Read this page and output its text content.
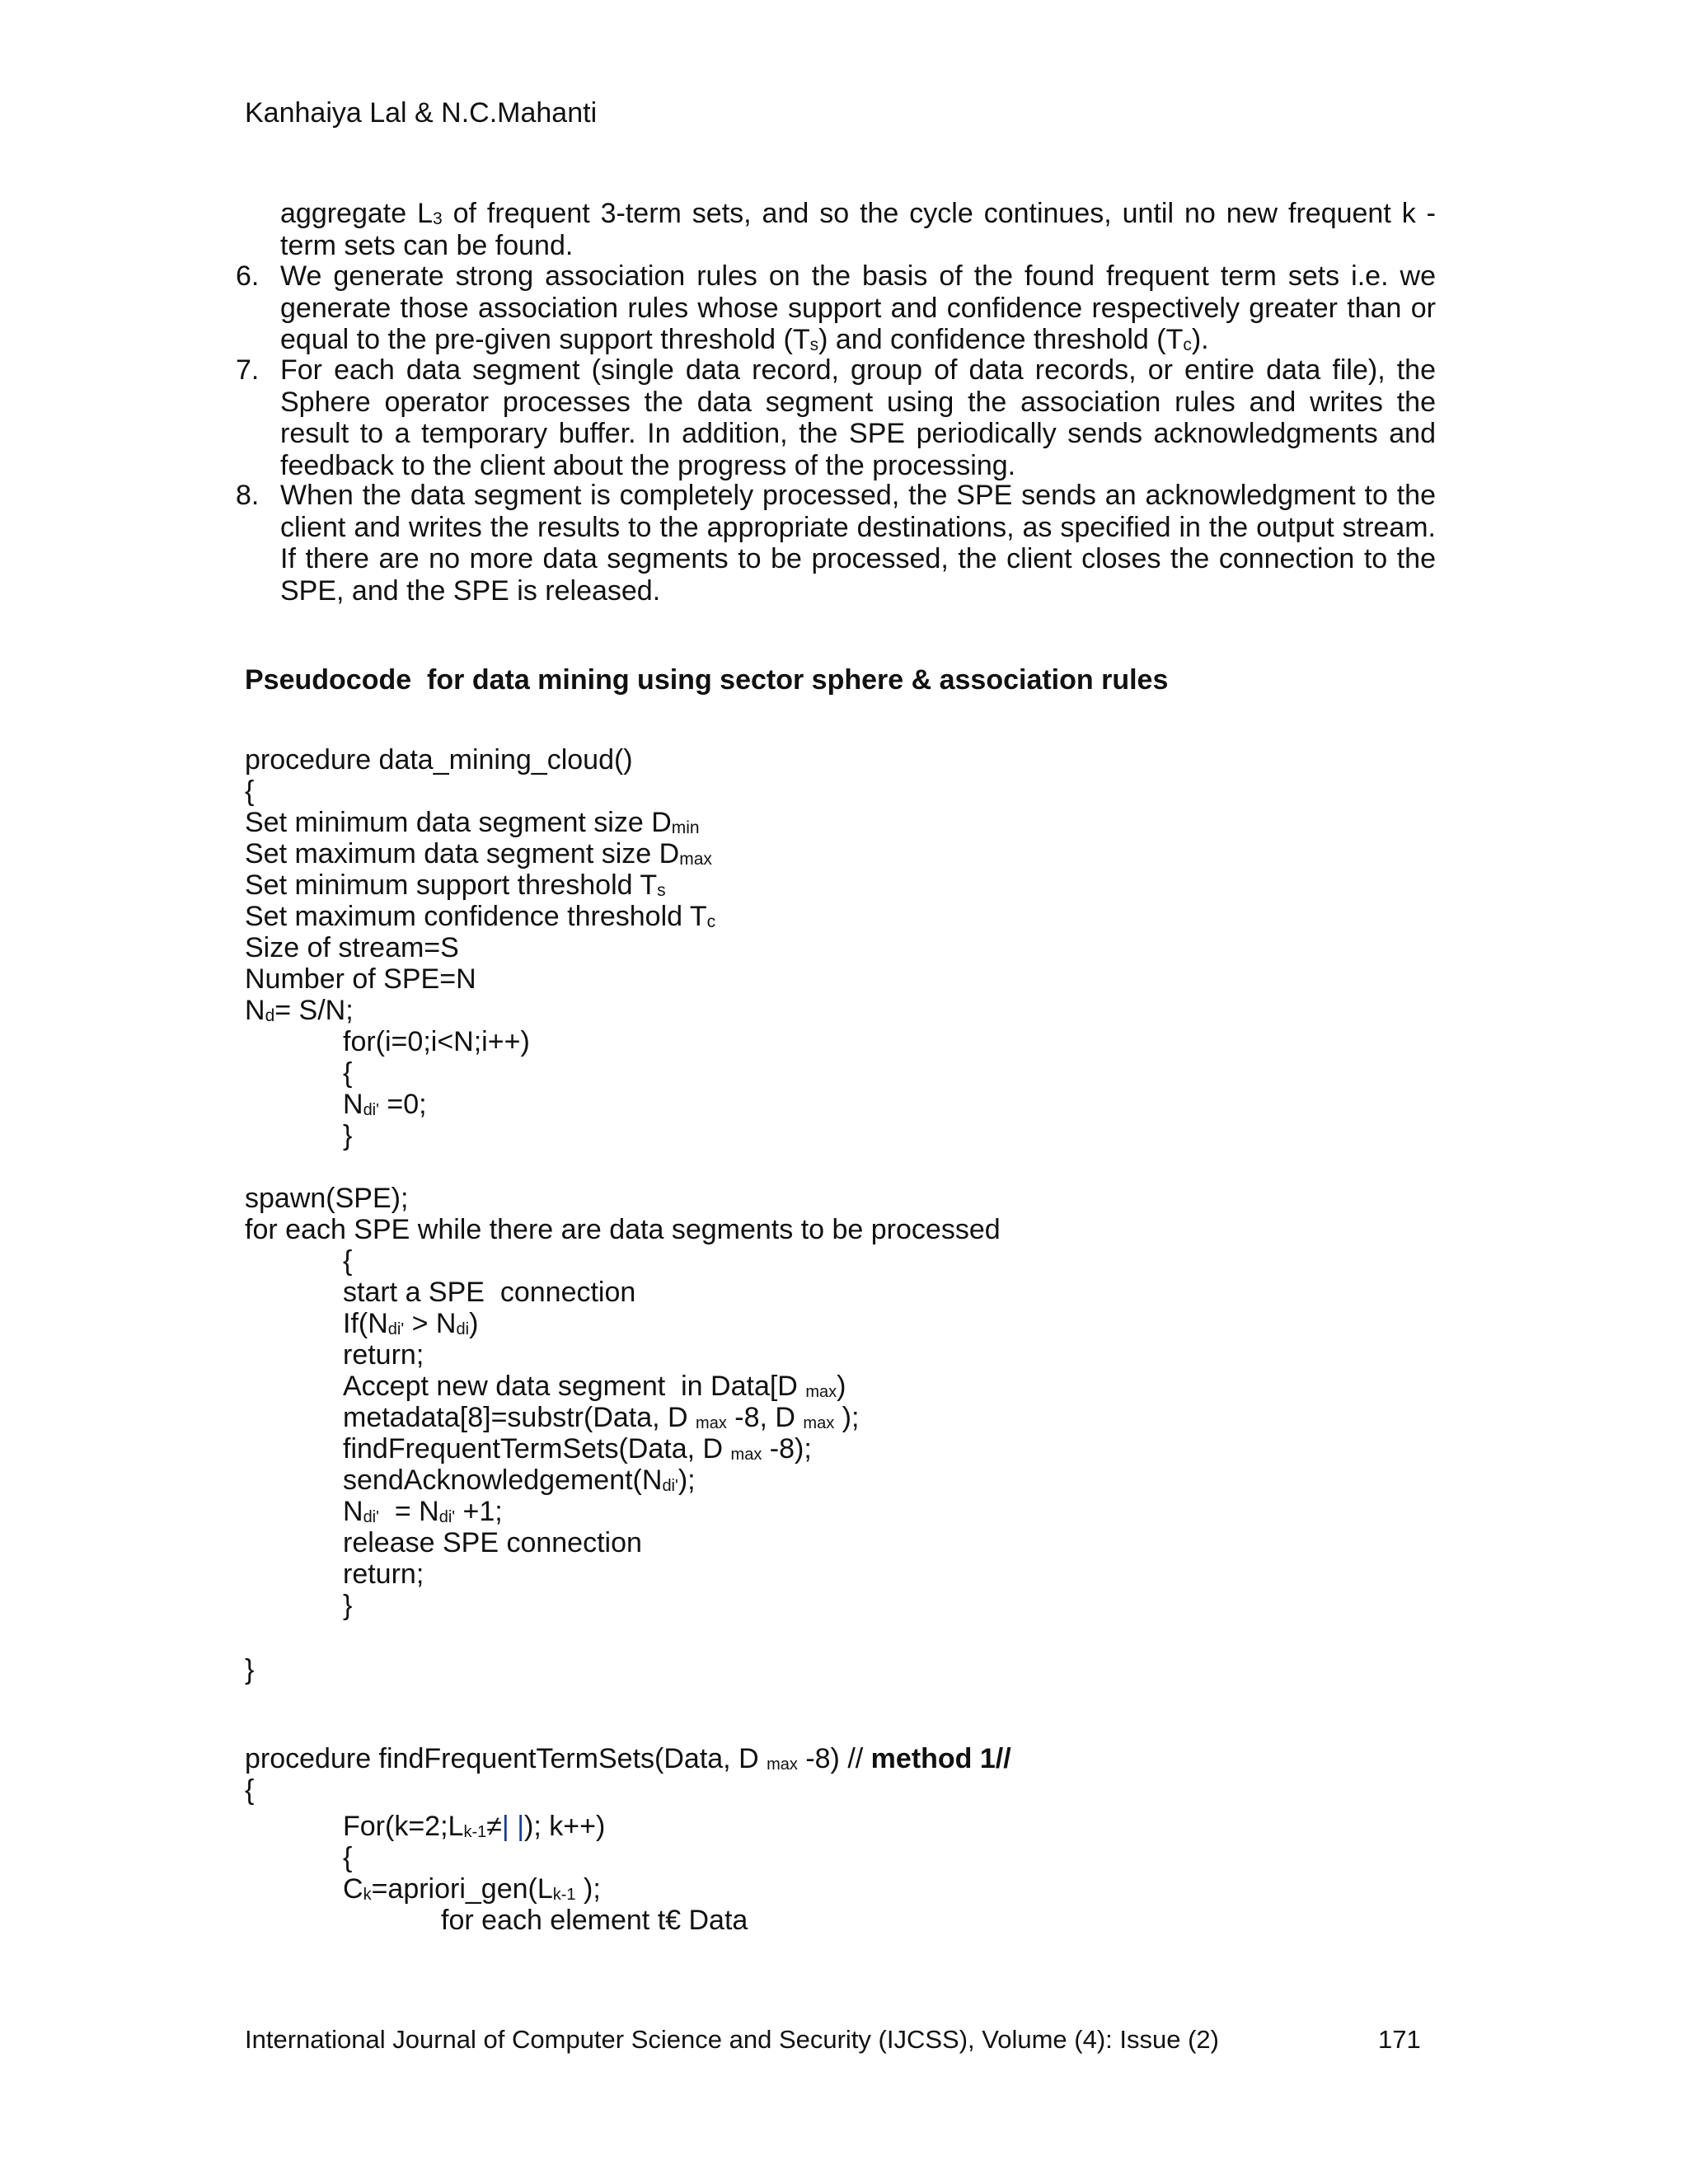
Kanhaiya Lal & N.C.Mahanti
aggregate $L_3$ of frequent 3-term sets, and so the cycle continues, until no new frequent k -term sets can be found.
6. We generate strong association rules on the basis of the found frequent term sets i.e. we generate those association rules whose support and confidence respectively greater than or equal to the pre-given support threshold $(T_s)$ and confidence threshold $(T_c)$.
7. For each data segment (single data record, group of data records, or entire data file), the Sphere operator processes the data segment using the association rules and writes the result to a temporary buffer. In addition, the SPE periodically sends acknowledgments and feedback to the client about the progress of the processing.
8. When the data segment is completely processed, the SPE sends an acknowledgment to the client and writes the results to the appropriate destinations, as specified in the output stream. If there are no more data segments to be processed, the client closes the connection to the SPE, and the SPE is released.
Pseudocode  for data mining using sector sphere & association rules
procedure data_mining_cloud()
{
Set minimum data segment size $D_{min}$
Set maximum data segment size $D_{max}$
Set minimum support threshold $T_s$
Set maximum confidence threshold $T_c$
Size of stream=S
Number of SPE=N
$N_d= S/N$;
for(i=0;i<N;i++)
{
$N_{di'} =0$;
}
spawn(SPE);
for each SPE while there are data segments to be processed
{
start a SPE  connection
$If(N_{di'} > N_{di})$
return;
Accept new data segment  in Data[D $_{max}$)
metadata[8]=substr(Data, D $_{max}$ -8, D $_{max}$ );
findFrequentTermSets(Data, D $_{max}$ -8);
$sendAcknowledgement(N_{di'})$;
$N_{di'} = N_{di'} +1$;
release SPE connection
return;
}
}
procedure findFrequentTermSets(Data, D $_{max}$ -8) // method 1//
{
$For(k=2;L_{k-1}\ne|$ |); k++)
{
$C_k=apriori\_gen(L_{k-1}$ );
for each element t€ Data
International Journal of Computer Science and Security (IJCSS), Volume (4): Issue (2)	171
